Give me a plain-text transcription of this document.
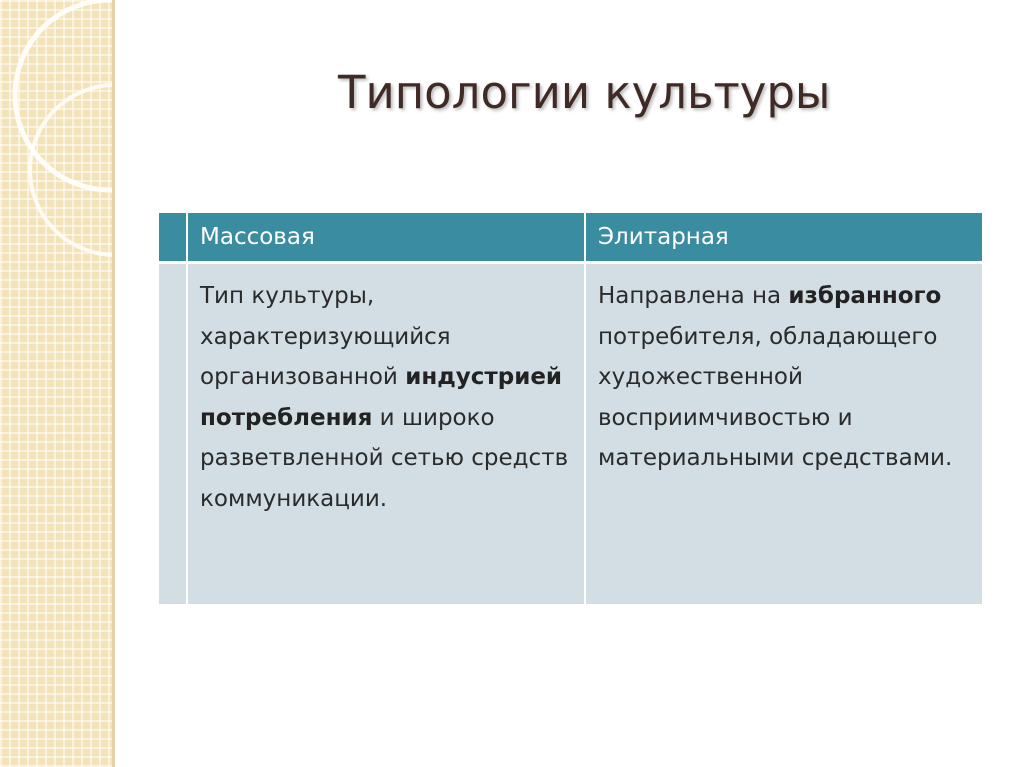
Типологии культуры
Массовая	Элитарная
Тип культуры, характеризующийся организованной индустрией потребления и широко разветвленной сетью средств коммуникации.
Направлена на избранного потребителя, обладающего художественной восприимчивостью и материальными средствами.
